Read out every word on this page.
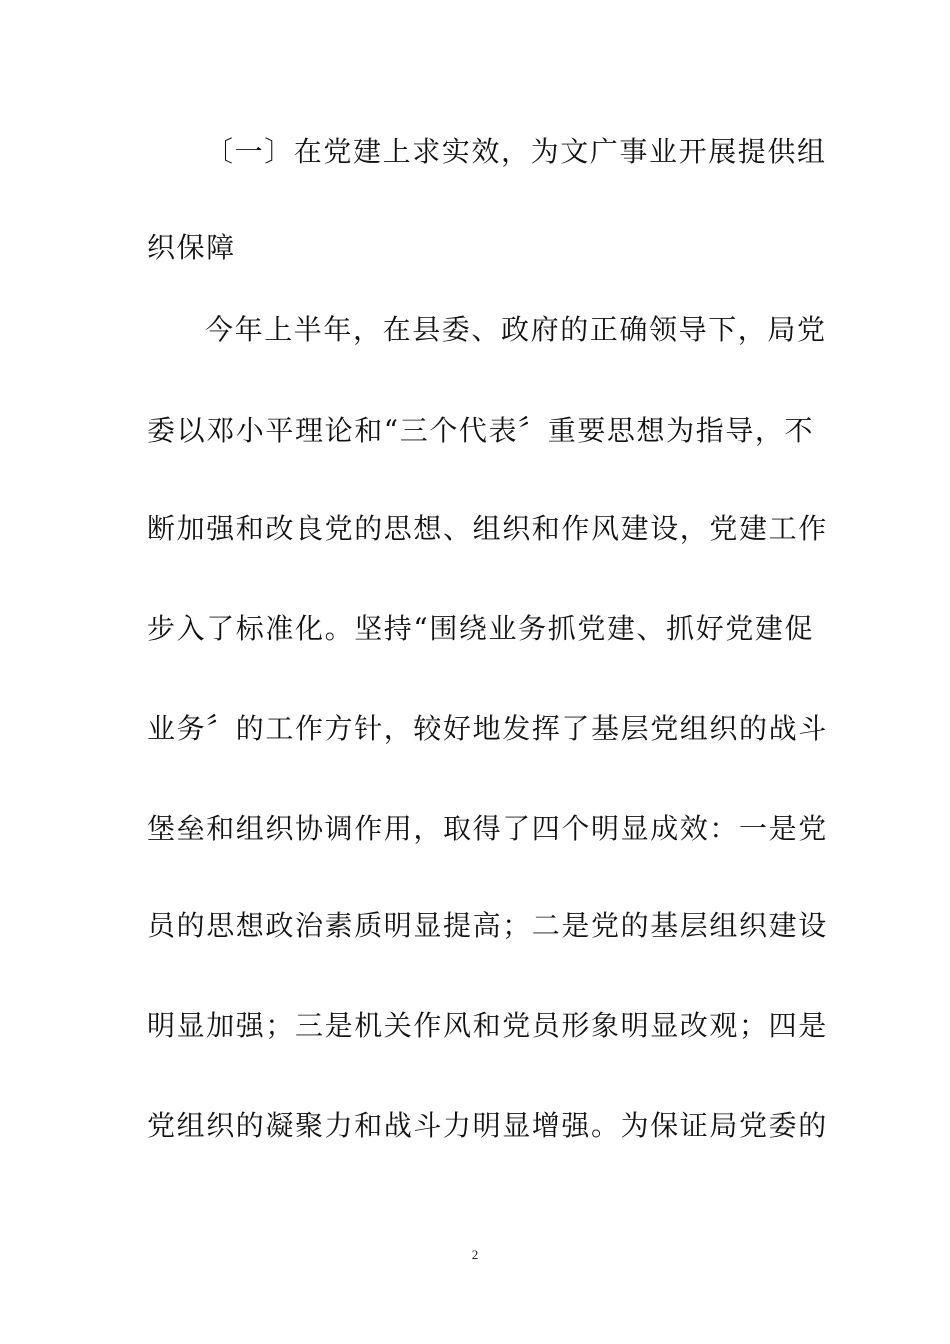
〔一〕在党建上求实效，为文广事业开展提供组
织保障
今年上半年，在县委、政府的正确领导下，局党
委以邓小平理论和“三个代表〞重要思想为指导，不
断加强和改良党的思想、组织和作风建设，党建工作
步入了标准化。坚持“围绕业务抓党建、抓好党建促
业务〞的工作方针，较好地发挥了基层党组织的战斗
堡垒和组织协调作用，取得了四个明显成效：一是党
员的思想政治素质明显提高；二是党的基层组织建设
明显加强；三是机关作风和党员形象明显改观；四是
党组织的凝聚力和战斗力明显增强。为保证局党委的
2
